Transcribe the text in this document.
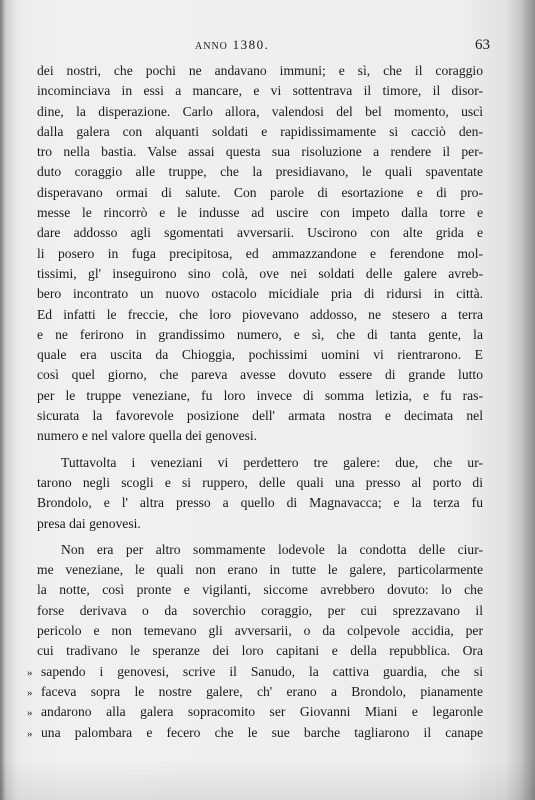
ANNO 1380.	63
dei nostri, che pochi ne andavano immuni; e sì, che il coraggio
incominciava in essi a mancare, e vi sottentrava il timore, il disor-
dine, la disperazione. Carlo allora, valendosi del bel momento, uscì
dalla galera con alquanti soldati e rapidissimamente si cacciò den-
tro nella bastia. Valse assai questa sua risoluzione a rendere il per-
duto coraggio alle truppe, che la presidiavano, le quali spaventate
disperavano ormai di salute. Con parole di esortazione e di pro-
messe le rincorrò e le indusse ad uscire con impeto dalla torre e
dare addosso agli sgomentati avversarii. Uscirono con alte grida e
li posero in fuga precipitosa, ed ammazzandone e ferendone mol-
tissimi, gl' inseguirono sino colà, ove nei soldati delle galere avreb-
bero incontrato un nuovo ostacolo micidiale pria di ridursi in città.
Ed infatti le freccie, che loro piovevano addosso, ne stesero a terra
e ne ferirono in grandissimo numero, e sì, che di tanta gente, la
quale era uscita da Chioggia, pochissimi uomini vi rientrarono. E
così quel giorno, che pareva avesse dovuto essere di grande lutto
per le truppe veneziane, fu loro invece di somma letizia, e fu ras-
sicurata la favorevole posizione dell' armata nostra e decimata nel
numero e nel valore quella dei genovesi.
Tuttavolta i veneziani vi perdettero tre galere: due, che ur-
tarono negli scogli e si ruppero, delle quali una presso al porto di
Brondolo, e l' altra presso a quello di Magnavacca; e la terza fu
presa dai genovesi.
Non era per altro sommamente lodevole la condotta delle ciur-
me veneziane, le quali non erano in tutte le galere, particolarmente
la notte, così pronte e vigilanti, siccome avrebbero dovuto: lo che
forse derivava o da soverchio coraggio, per cui sprezzavano il
pericolo e non temevano gli avversarii, o da colpevole accidia, per
cui tradivano le speranze dei loro capitani e della repubblica. Ora
» sapendo i genovesi, scrive il Sanudo, la cattiva guardia, che si
» faceva sopra le nostre galere, ch' erano a Brondolo, pianamente
» andarono alla galera sopracomito ser Giovanni Miani e legaronle
» una palombara e fecero che le sue barche tagliarono il canape
